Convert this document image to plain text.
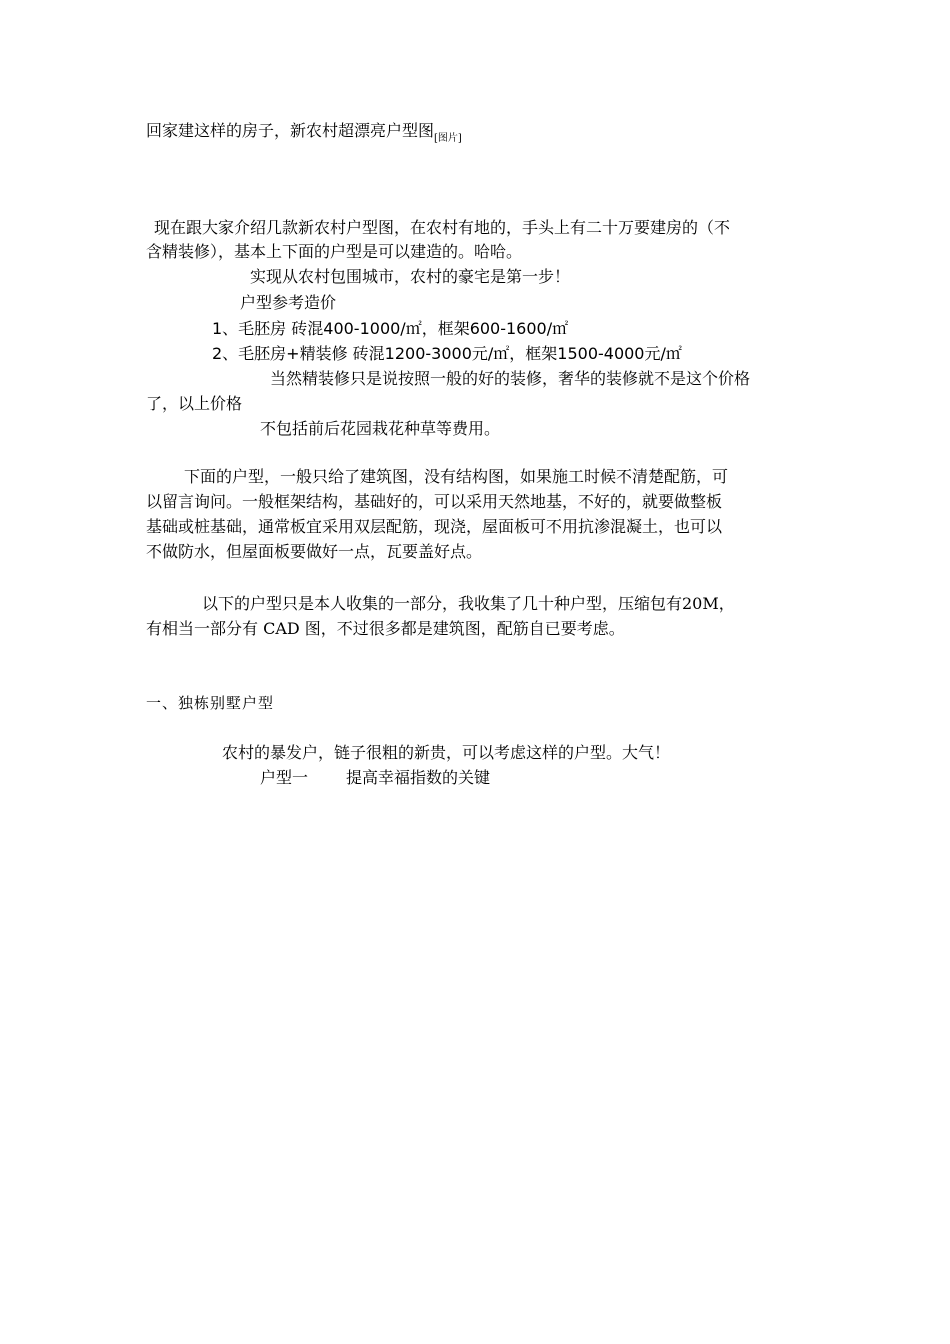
回家建这样的房子，新农村超漂亮户型图$_{[图片]}$
现在跟大家介绍几款新农村户型图，在农村有地的，手头上有二十万要建房的（不
含精装修），基本上下面的户型是可以建造的。哈哈。
实现从农村包围城市，农村的豪宅是第一步！
户型参考造价
1、毛胚房 砖混400-1000/㎡，框架600-1600/㎡
2、毛胚房+精装修 砖混1200-3000元/㎡，框架1500-4000元/㎡
当然精装修只是说按照一般的好的装修，奢华的装修就不是这个价格
了，以上价格
不包括前后花园栽花种草等费用。
下面的户型，一般只给了建筑图，没有结构图，如果施工时候不清楚配筋，可
以留言询问。一般框架结构，基础好的，可以采用天然地基，不好的，就要做整板
基础或桩基础，通常板宜采用双层配筋，现浇，屋面板可不用抗渗混凝土，也可以
不做防水，但屋面板要做好一点，瓦要盖好点。
以下的户型只是本人收集的一部分，我收集了几十种户型，压缩包有20M，
有相当一部分有 CAD 图，不过很多都是建筑图，配筋自已要考虑。
一、独栋别墅户型
农村的暴发户，链子很粗的新贵，可以考虑这样的户型。大气！
户型一 提高幸福指数的关键
